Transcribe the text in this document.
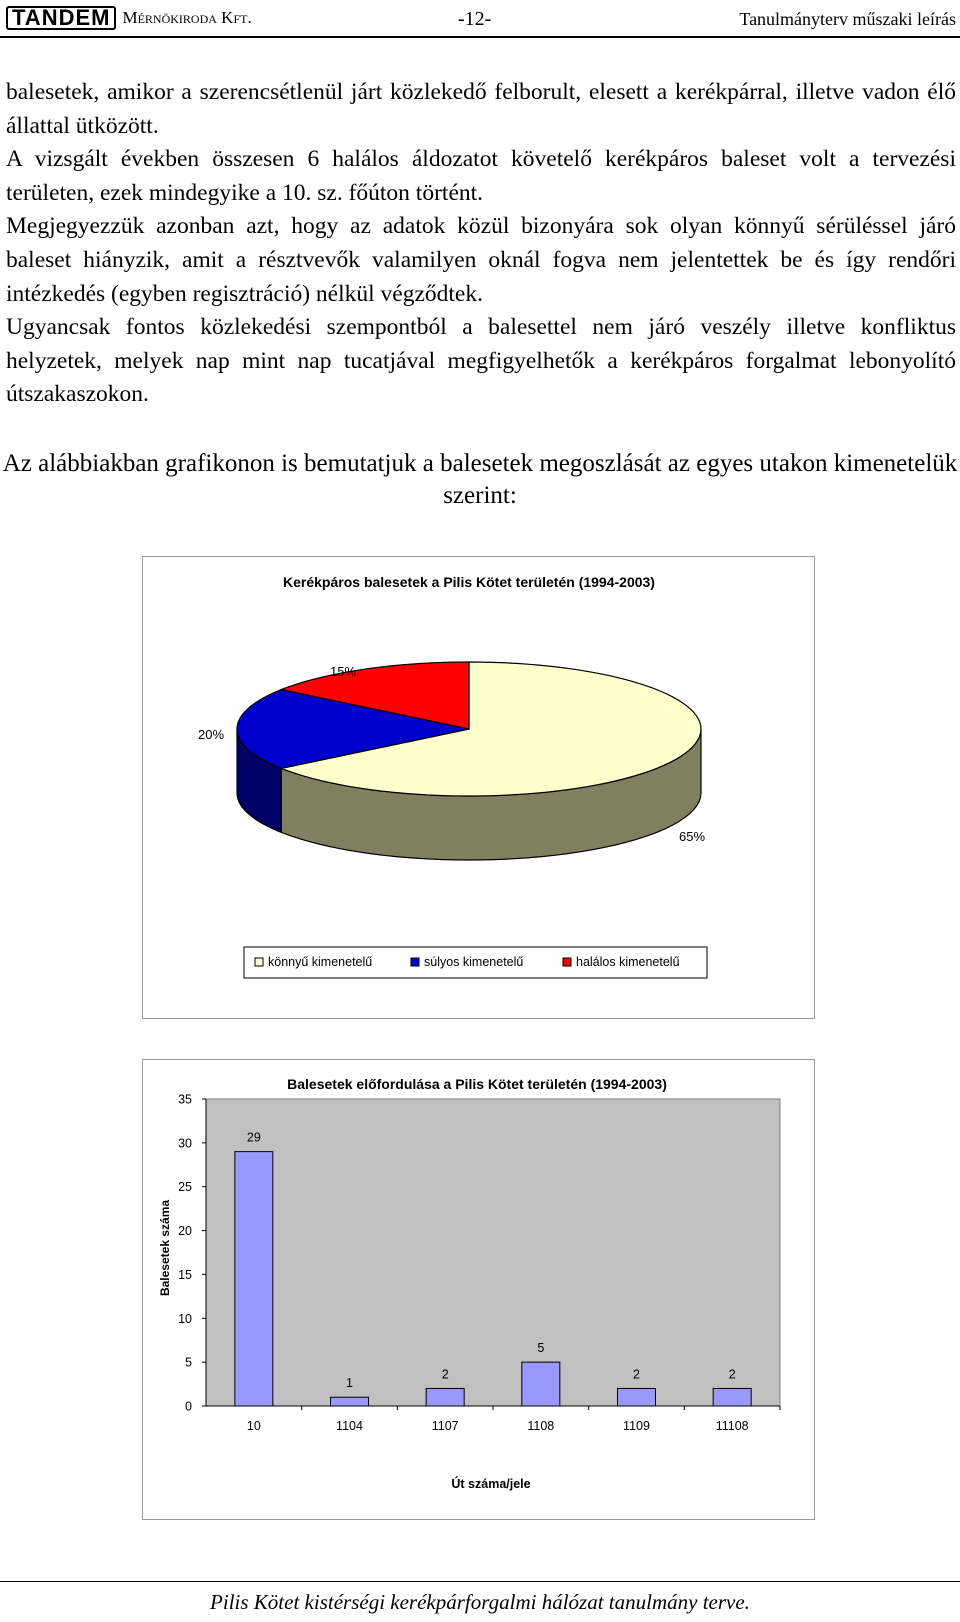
TANDEM Mérnökiroda Kft.	-12-	Tanulmányterv műszaki leírás

balesetek, amikor a szerencsétlenül járt közlekedő felborult, elesett a kerékpárral, illetve vadon élő állattal ütközött.

A vizsgált években összesen 6 halálos áldozatot követelő kerékpáros baleset volt a tervezési területen, ezek mindegyike a 10. sz. főúton történt.

Megjegyezzük azonban azt, hogy az adatok közül bizonyára sok olyan könnyű sérüléssel járó baleset hiányzik, amit a résztvevők valamilyen oknál fogva nem jelentettek be és így rendőri intézkedés (egyben regisztráció) nélkül végződtek.

Ugyancsak fontos közlekedési szempontból a balesettel nem járó veszély illetve konfliktus helyzetek, melyek nap mint nap tucatjával megfigyelhetők a kerékpáros forgalmat lebonyolító útszakaszokon.

Az alábbiakban grafikonon is bemutatjuk a balesetek megoszlását az egyes utakon kimenetelük szerint:
Kerékpáros balesetek a Pilis Kötet területén (1994-2003)
15%
20%
65%
könnyű kimenetelű	súlyos kimenetelű	halálos kimenetelű
Balesetek előfordulása a Pilis Kötet területén (1994-2003)
Balesetek száma
Út száma/jele
0
5
10
15
20
25
30
35
29
10
1
1104
2
1107
5
1108
2
1109
2
11108
Pilis Kötet kistérségi kerékpárforgalmi hálózat tanulmány terve.
